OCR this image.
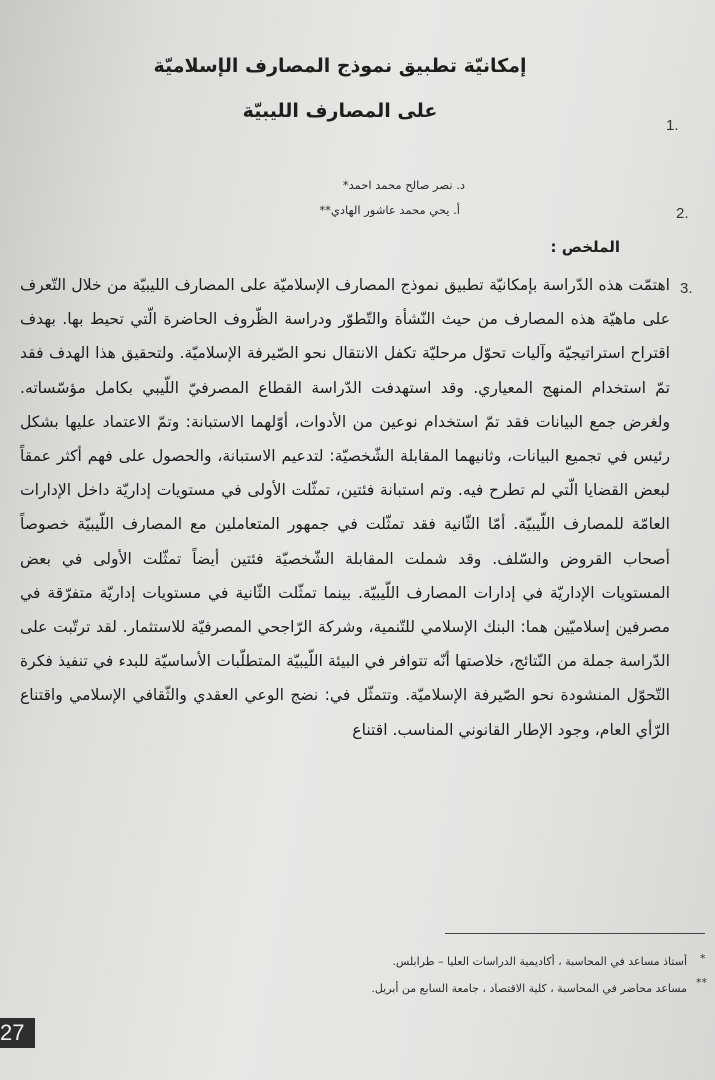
إمكانيّة تطبيق نموذج المصارف الإسلاميّة
على المصارف الليبيّة
1.
2.
3.
د. نصر صالح محمد احمد*
أ. يحي محمد عاشور الهادي**
الملخص :

اهتمّت هذه الدّراسة بإمكانيّة تطبيق نموذج المصارف الإسلاميّة على المصارف الليبيّة من خلال التّعرف على ماهيّة هذه المصارف من حيث النّشأة والتّطوّر ودراسة الظّروف الحاضرة الّتي تحيط بها. بهدف اقتراح استراتيجيّة وآليات تحوّل مرحليّة تكفل الانتقال نحو الصّيرفة الإسلاميّة. ولتحقيق هذا الهدف فقد تمّ استخدام المنهج المعياري. وقد استهدفت الدّراسة القطاع المصرفيّ اللّيبي بكامل مؤسّساته. ولغرض جمع البيانات فقد تمّ استخدام نوعين من الأدوات، أوّلهما الاستبانة: وتمّ الاعتماد عليها بشكل رئيس في تجميع البيانات، وثانيهما المقابلة الشّخصيّة: لتدعيم الاستبانة، والحصول على فهم أكثر عمقاً لبعض القضايا الّتي لم تطرح فيه. وتم استبانة فئتين، تمثّلت الأولى في مستويات إداريّة داخل الإدارات العامّة للمصارف اللّيبيّة. أمّا الثّانية فقد تمثّلت في جمهور المتعاملين مع المصارف اللّيبيّة خصوصاً أصحاب القروض والسّلف. وقد شملت المقابلة الشّخصيّة فئتين أيضاً تمثّلت الأولى في بعض المستويات الإداريّة في إدارات المصارف اللّيبيّة. بينما تمثّلت الثّانية في مستويات إداريّة متفرّقة في مصرفين إسلاميّين هما: البنك الإسلامي للتّنمية، وشركة الرّاجحي المصرفيّة للاستثمار. لقد ترتّبت على الدّراسة جملة من النّتائج، خلاصتها أنّه تتوافر في البيئة اللّيبيّة المتطلّبات الأساسيّة للبدء في تنفيذ فكرة التّحوّل المنشودة نحو الصّيرفة الإسلاميّة. وتتمثّل في: نضج الوعي العقدي والثّقافي الإسلامي واقتناع الرّأي العام، وجود الإطار القانوني المناسب. اقتناع

*
أستاذ مساعد في المحاسبة ، أكاديمية الدراسات العليا – طرابلس.
**
مساعد محاضر في المحاسبة ، كلية الاقتصاد ، جامعة السابع من أبريل.
27
